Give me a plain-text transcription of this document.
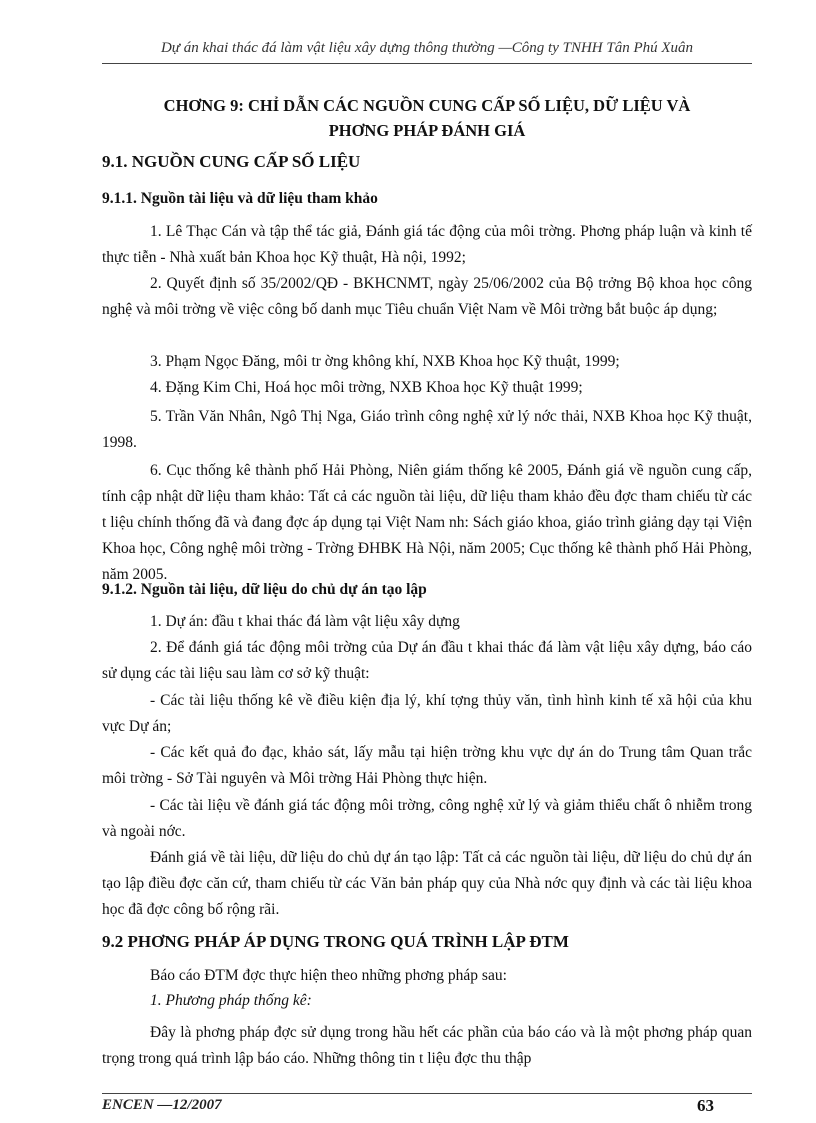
Dự án khai thác đá làm vật liệu xây dựng thông thường —Công ty TNHH Tân Phú Xuân
CHƠNG 9: CHỈ DẪN CÁC NGUỒN CUNG CẤP SỐ LIỆU, DỮ LIỆU VÀ
PHƠNG PHÁP ĐÁNH GIÁ
9.1. NGUỒN CUNG CẤP SỐ LIỆU
9.1.1. Nguồn tài liệu và dữ liệu tham khảo

1. Lê Thạc Cán và tập thể tác giả, Đánh giá tác động của môi trờng. Phơng pháp luận và kinh tế thực tiễn - Nhà xuất bản Khoa học Kỹ thuật, Hà nội, 1992;

2. Quyết định số 35/2002/QĐ - BKHCNMT, ngày 25/06/2002 của Bộ trởng Bộ khoa học công nghệ và môi trờng về việc công bố danh mục Tiêu chuẩn Việt Nam về Môi trờng bắt buộc áp dụng;

3. Phạm Ngọc Đăng, môi tr ờng không khí, NXB Khoa học Kỹ thuật, 1999;

4. Đặng Kim Chi, Hoá học môi trờng, NXB Khoa học Kỹ thuật 1999;

5. Trần Văn Nhân, Ngô Thị Nga, Giáo trình công nghệ xử lý nớc thải, NXB Khoa học Kỹ thuật, 1998.

6. Cục thống kê thành phố Hải Phòng, Niên giám thống kê 2005, Đánh giá về nguồn cung cấp, tính cập nhật dữ liệu tham khảo: Tất cả các nguồn tài liệu, dữ liệu tham khảo đều đợc tham chiếu từ các t liệu chính thống đã và đang đợc áp dụng tại Việt Nam nh: Sách giáo khoa, giáo trình giảng dạy tại Viện Khoa học, Công nghệ môi trờng - Trờng ĐHBK Hà Nội, năm 2005; Cục thống kê thành phố Hải Phòng, năm 2005.

9.1.2. Nguồn tài liệu, dữ liệu do chủ dự án tạo lập

1. Dự án: đầu t khai thác đá làm vật liệu xây dựng

2. Để đánh giá tác động môi trờng của Dự án đầu t khai thác đá làm vật liệu xây dựng, báo cáo sử dụng các tài liệu sau làm cơ sở kỹ thuật:

- Các tài liệu thống kê về điều kiện địa lý, khí tợng thủy văn, tình hình kinh tế xã hội của khu vực Dự án;

- Các kết quả đo đạc, khảo sát, lấy mẫu tại hiện trờng khu vực dự án do Trung tâm Quan trắc môi trờng - Sở Tài nguyên và Môi trờng Hải Phòng thực hiện.

- Các tài liệu về đánh giá tác động môi trờng, công nghệ xử lý và giảm thiểu chất ô nhiễm trong và ngoài nớc.

Đánh giá về tài liệu, dữ liệu do chủ dự án tạo lập: Tất cả các nguồn tài liệu, dữ liệu do chủ dự án tạo lập điều đợc căn cứ, tham chiếu từ các Văn bản pháp quy của Nhà nớc quy định và các tài liệu khoa học đã đợc công bố rộng rãi.

9.2 PHƠNG PHÁP ÁP DỤNG TRONG QUÁ TRÌNH LẬP ĐTM

Báo cáo ĐTM đợc thực hiện theo những phơng pháp sau:

1. Phương pháp thống kê:

Đây là phơng pháp đợc sử dụng trong hầu hết các phần của báo cáo và là một phơng pháp quan trọng trong quá trình lập báo cáo. Những thông tin t liệu đợc thu thập

ENCEN —12/2007	63
